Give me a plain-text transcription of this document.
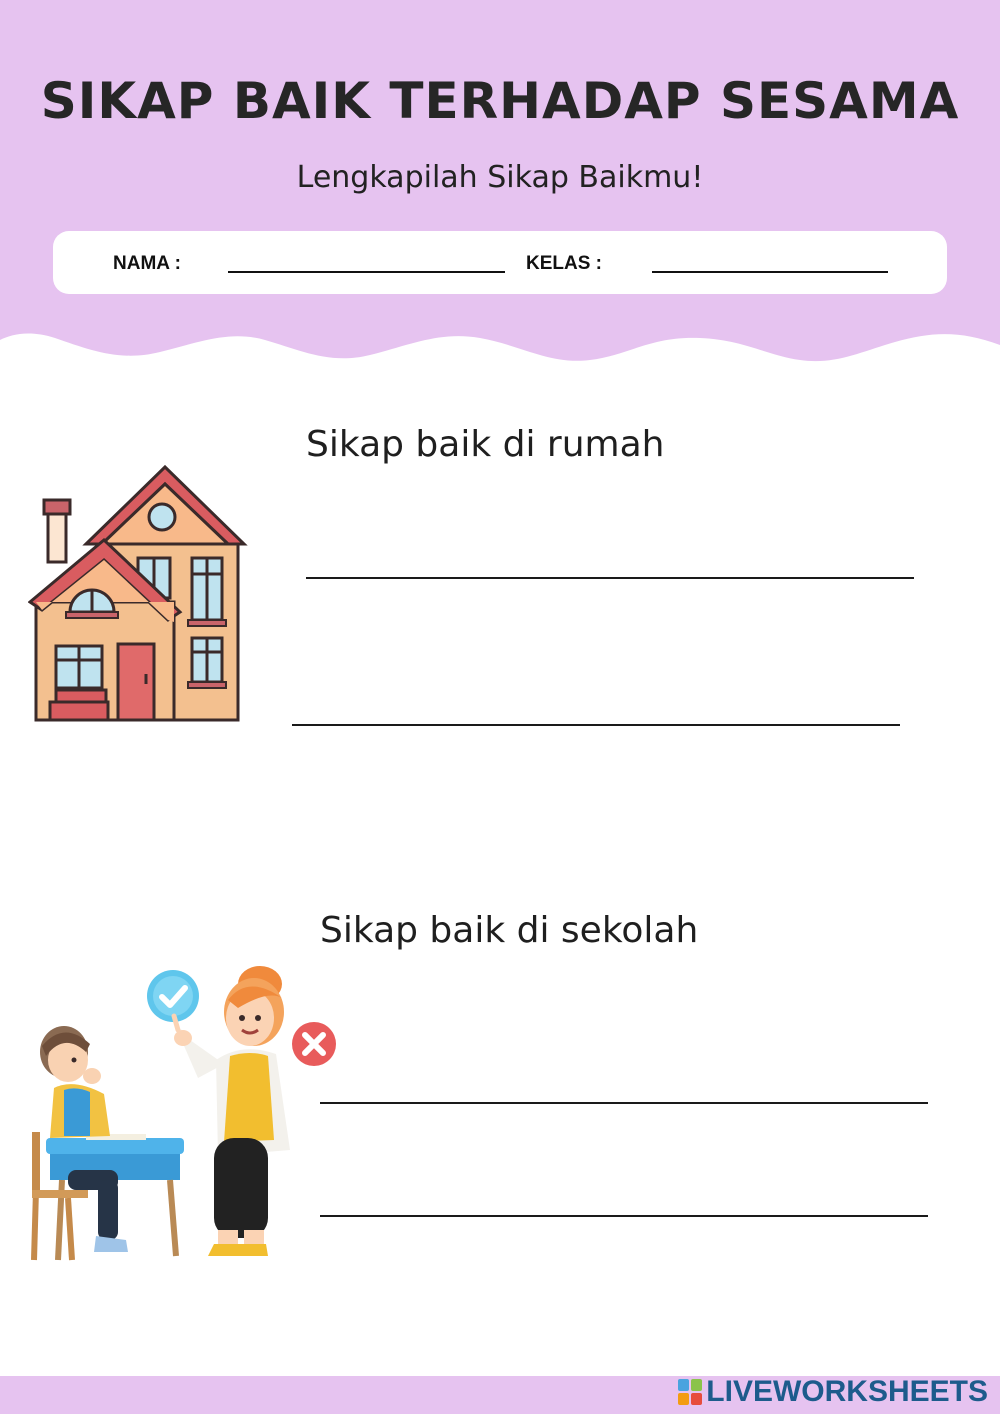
SIKAP BAIK TERHADAP SESAMA
Lengkapilah Sikap Baikmu!
NAMA :	KELAS :
Sikap baik di rumah
Sikap baik di sekolah
LIVEWORKSHEETS
